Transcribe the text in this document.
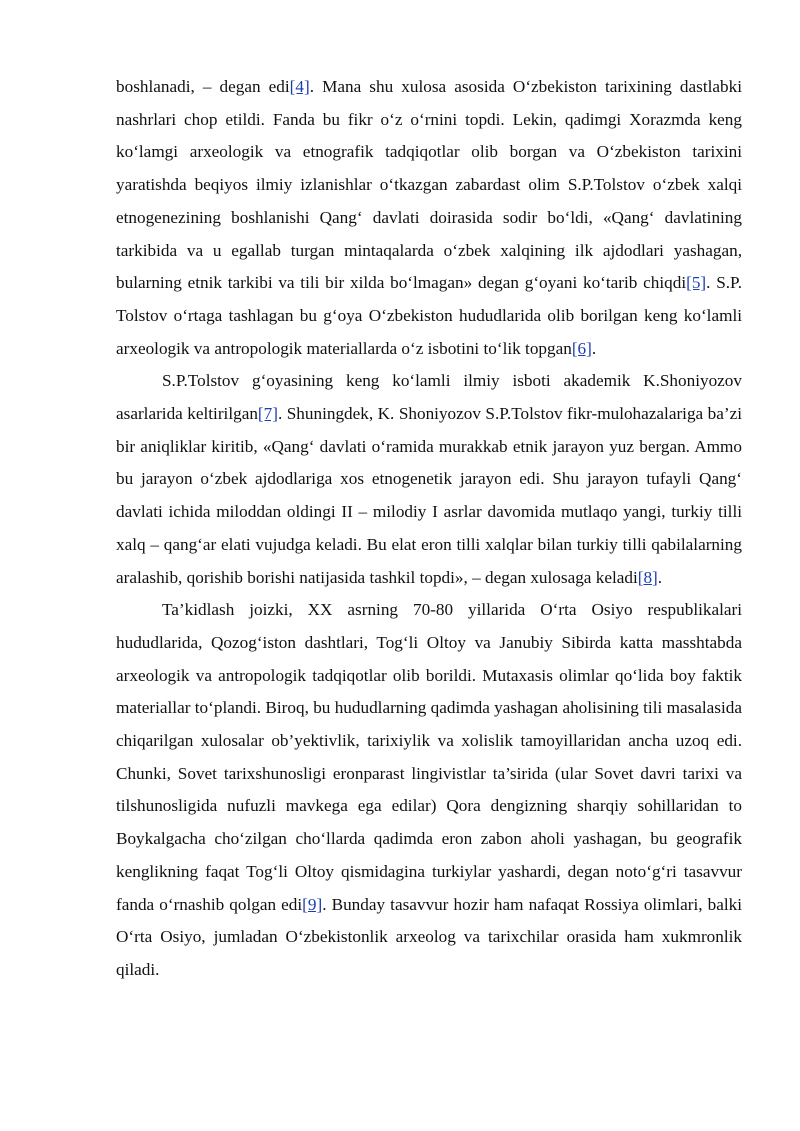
boshlanadi, – degan edi[4]. Mana shu xulosa asosida O‘zbekiston tarixining dastlabki nashrlari chop etildi. Fanda bu fikr o‘z o‘rnini topdi. Lekin, qadimgi Xorazmda keng ko‘lamgi arxeologik va etnografik tadqiqotlar olib borgan va O‘zbekiston tarixini yaratishda beqiyos ilmiy izlanishlar o‘tkazgan zabardast olim S.P.Tolstov o‘zbek xalqi etnogenezining boshlanishi Qang‘ davlati doirasida sodir bo‘ldi, «Qang‘ davlatining tarkibida va u egallab turgan mintaqalarda o‘zbek xalqining ilk ajdodlari yashagan, bularning etnik tarkibi va tili bir xilda bo‘lmagan» degan g‘oyani ko‘tarib chiqdi[5]. S.P. Tolstov o‘rtaga tashlagan bu g‘oya O‘zbekiston hududlarida olib borilgan keng ko‘lamli arxeologik va antropologik materiallarda o‘z isbotini to‘lik topgan[6].

S.P.Tolstov g‘oyasining keng ko‘lamli ilmiy isboti akademik K.Shoniyozov asarlarida keltirilgan[7]. Shuningdek, K. Shoniyozov S.P.Tolstov fikr-mulohazalariga ba’zi bir aniqliklar kiritib, «Qang‘ davlati o‘ramida murakkab etnik jarayon yuz bergan. Ammo bu jarayon o‘zbek ajdodlariga xos etnogenetik jarayon edi. Shu jarayon tufayli Qang‘ davlati ichida miloddan oldingi II – milodiy I asrlar davomida mutlaqo yangi, turkiy tilli xalq – qang‘ar elati vujudga keladi. Bu elat eron tilli xalqlar bilan turkiy tilli qabilalarning aralashib, qorishib borishi natijasida tashkil topdi», – degan xulosaga keladi[8].

Ta’kidlash joizki, XX asrning 70-80 yillarida O‘rta Osiyo respublikalari hududlarida, Qozog‘iston dashtlari, Tog‘li Oltoy va Janubiy Sibirda katta masshtabda arxeologik va antropologik tadqiqotlar olib borildi. Mutaxasis olimlar qo‘lida boy faktik materiallar to‘plandi. Biroq, bu hududlarning qadimda yashagan aholisining tili masalasida chiqarilgan xulosalar ob’yektivlik, tarixiylik va xolislik tamoyillaridan ancha uzoq edi. Chunki, Sovet tarixshunosligi eronparast lingivistlar ta’sirida (ular Sovet davri tarixi va tilshunosligida nufuzli mavkega ega edilar) Qora dengizning sharqiy sohillaridan to Boykalgacha cho‘zilgan cho‘llarda qadimda eron zabon aholi yashagan, bu geografik kenglikning faqat Tog‘li Oltoy qismidagina turkiylar yashardi, degan noto‘g‘ri tasavvur fanda o‘rnashib qolgan edi[9]. Bunday tasavvur hozir ham nafaqat Rossiya olimlari, balki O‘rta Osiyo, jumladan O‘zbekistonlik arxeolog va tarixchilar orasida ham xukmronlik qiladi.
